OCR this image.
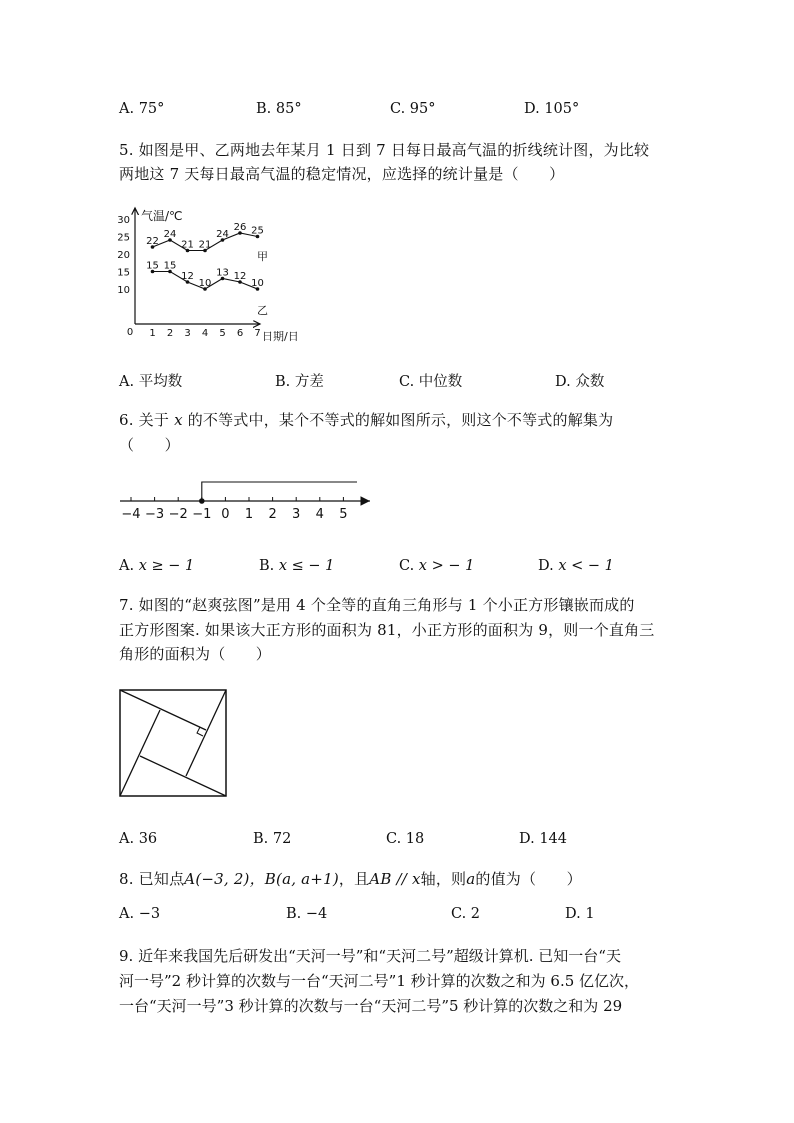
A. 75°	B. 85°	C. 95°	D. 105°
5. 如图是甲、乙两地去年某月 1 日到 7 日每日最高气温的折线统计图，为比较
两地这 7 天每日最高气温的稳定情况，应选择的统计量是（　　）
气温/℃
日期/日
0
30
25
20
15
10
1 2 3 4 5 6 7
22
24
21 21
24
26 25
15 15
12
10
13 12
10
甲
乙
A. 平均数	B. 方差	C. 中位数	D. 众数
6. 关于 x 的不等式中，某个不等式的解如图所示，则这个不等式的解集为
（　　）
−4 −3 −2 −1 0 1 2 3 4 5
A. x ≥ − 1	B. x ≤ − 1	C. x > − 1	D. x < − 1
7. 如图的“赵爽弦图”是用 4 个全等的直角三角形与 1 个小正方形镶嵌而成的
正方形图案. 如果该大正方形的面积为 81，小正方形的面积为 9，则一个直角三
角形的面积为（　　）
A. 36	B. 72	C. 18	D. 144
8. 已知点A(−3, 2)，B(a, a+1)，且AB // x轴，则a的值为（　　）
A. −3	B. −4	C. 2	D. 1
9. 近年来我国先后研发出“天河一号”和“天河二号”超级计算机. 已知一台“天
河一号”2 秒计算的次数与一台“天河二号”1 秒计算的次数之和为 6.5 亿亿次，
一台“天河一号”3 秒计算的次数与一台“天河二号”5 秒计算的次数之和为 29
